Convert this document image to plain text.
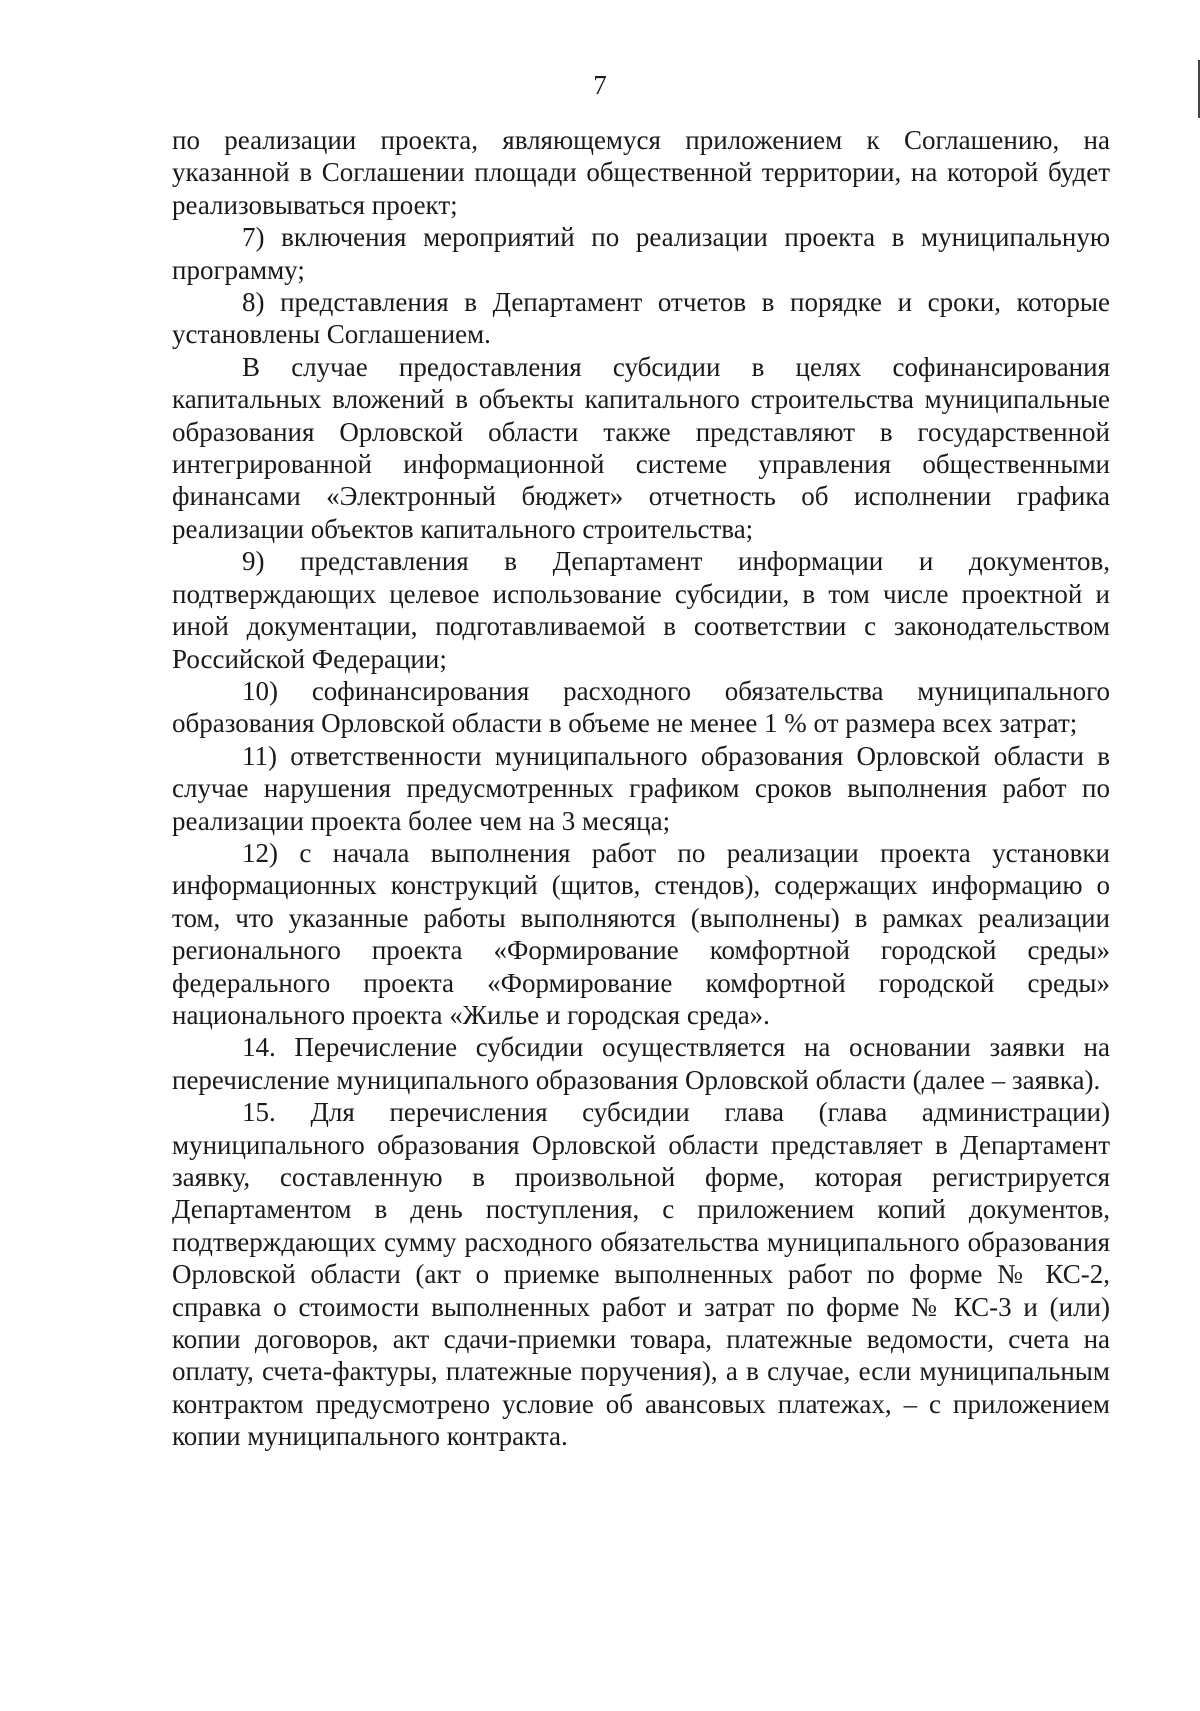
7

по реализации проекта, являющемуся приложением к Соглашению, на указанной в Соглашении площади общественной территории, на которой будет реализовываться проект;

7) включения мероприятий по реализации проекта в муниципальную программу;

8) представления в Департамент отчетов в порядке и сроки, которые установлены Соглашением.

В случае предоставления субсидии в целях софинансирования капитальных вложений в объекты капитального строительства муниципальные образования Орловской области также представляют в государственной интегрированной информационной системе управления общественными финансами «Электронный бюджет» отчетность об исполнении графика реализации объектов капитального строительства;

9) представления в Департамент информации и документов, подтверждающих целевое использование субсидии, в том числе проектной и иной документации, подготавливаемой в соответствии с законодательством Российской Федерации;

10) софинансирования расходного обязательства муниципального образования Орловской области в объеме не менее 1 % от размера всех затрат;

11) ответственности муниципального образования Орловской области в случае нарушения предусмотренных графиком сроков выполнения работ по реализации проекта более чем на 3 месяца;

12) с начала выполнения работ по реализации проекта установки информационных конструкций (щитов, стендов), содержащих информацию о том, что указанные работы выполняются (выполнены) в рамках реализации регионального проекта «Формирование комфортной городской среды» федерального проекта «Формирование комфортной городской среды» национального проекта «Жилье и городская среда».

14. Перечисление субсидии осуществляется на основании заявки на перечисление муниципального образования Орловской области (далее – заявка).

15. Для перечисления субсидии глава (глава администрации) муниципального образования Орловской области представляет в Департамент заявку, составленную в произвольной форме, которая регистрируется Департаментом в день поступления, с приложением копий документов, подтверждающих сумму расходного обязательства муниципального образования Орловской области (акт о приемке выполненных работ по форме № КС-2, справка о стоимости выполненных работ и затрат по форме № КС-3 и (или) копии договоров, акт сдачи-приемки товара, платежные ведомости, счета на оплату, счета-фактуры, платежные поручения), а в случае, если муниципальным контрактом предусмотрено условие об авансовых платежах, – с приложением копии муниципального контракта.
